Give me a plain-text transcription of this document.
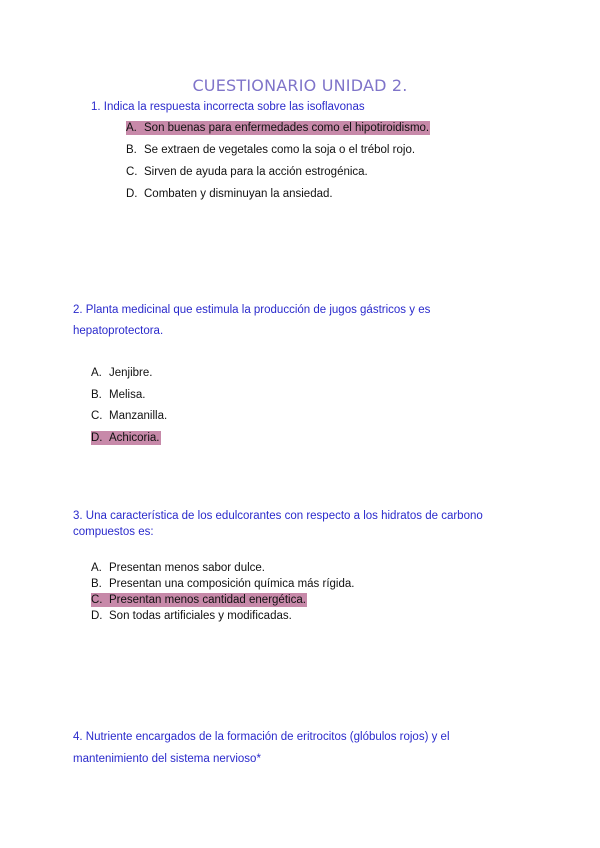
CUESTIONARIO UNIDAD 2.
1. Indica la respuesta incorrecta sobre las isoflavonas
A. Son buenas para enfermedades como el hipotiroidismo.
B. Se extraen de vegetales como la soja o el trébol rojo.
C. Sirven de ayuda para la acción estrogénica.
D. Combaten y disminuyan la ansiedad.
2. Planta medicinal que estimula la producción de jugos gástricos y es
hepatoprotectora.
A. Jenjibre.
B. Melisa.
C. Manzanilla.
D. Achicoria.
3. Una característica de los edulcorantes con respecto a los hidratos de carbono
compuestos es:
A. Presentan menos sabor dulce.
B. Presentan una composición química más rígida.
C. Presentan menos cantidad energética.
D. Son todas artificiales y modificadas.
4. Nutriente encargados de la formación de eritrocitos (glóbulos rojos) y el
mantenimiento del sistema nervioso*
